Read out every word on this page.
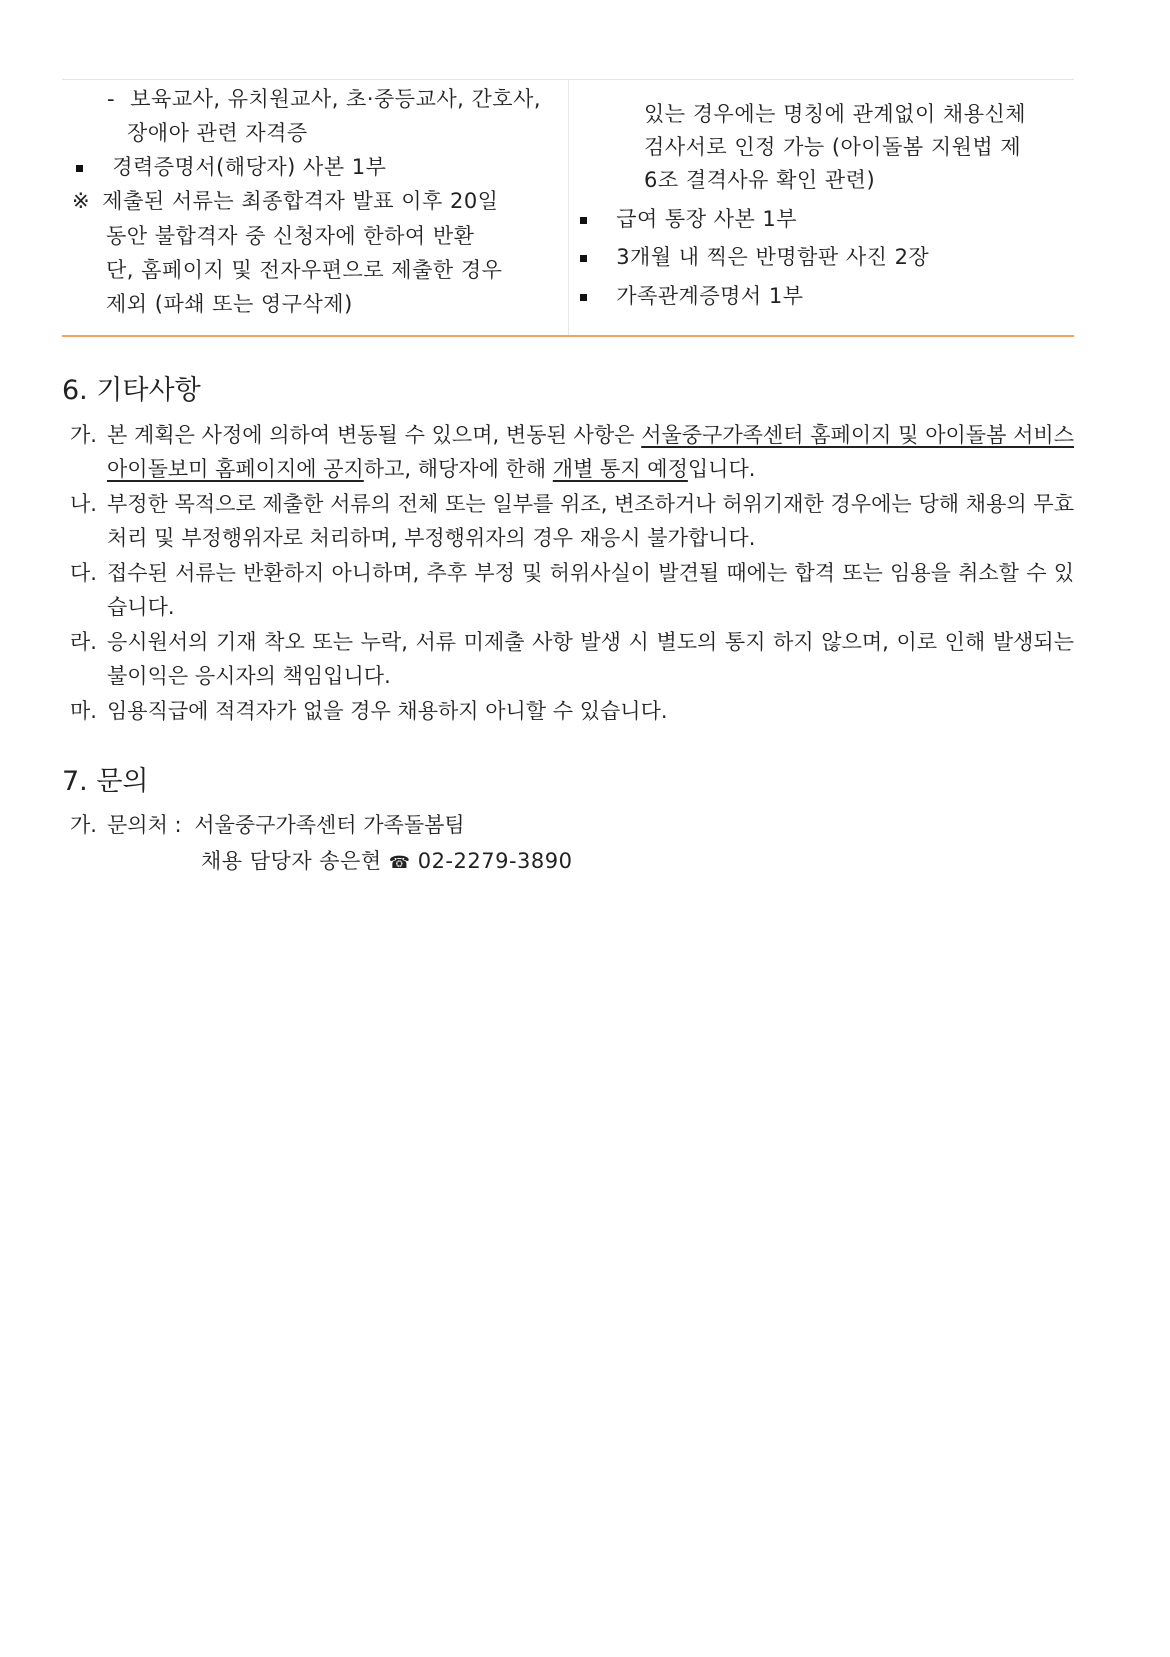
- 보육교사, 유치원교사, 초·중등교사, 간호사,
장애아 관련 자격증
경력증명서(해당자) 사본 1부
※ 제출된 서류는 최종합격자 발표 이후 20일
동안 불합격자 중 신청자에 한하여 반환
단, 홈페이지 및 전자우편으로 제출한 경우
제외 (파쇄 또는 영구삭제)
있는 경우에는 명칭에 관계없이 채용신체
검사서로 인정 가능 (아이돌봄 지원법 제
6조 결격사유 확인 관련)
급여 통장 사본 1부
3개월 내 찍은 반명함판 사진 2장
가족관계증명서 1부
6. 기타사항
가. 본 계획은 사정에 의하여 변동될 수 있으며, 변동된 사항은 서울중구가족센터 홈페이지 및 아이돌봄 서비스 아이돌보미 홈페이지에 공지하고, 해당자에 한해 개별 통지 예정입니다.
나. 부정한 목적으로 제출한 서류의 전체 또는 일부를 위조, 변조하거나 허위기재한 경우에는 당해 채용의 무효처리 및 부정행위자로 처리하며, 부정행위자의 경우 재응시 불가합니다.
다. 접수된 서류는 반환하지 아니하며, 추후 부정 및 허위사실이 발견될 때에는 합격 또는 임용을 취소할 수 있습니다.
라. 응시원서의 기재 착오 또는 누락, 서류 미제출 사항 발생 시 별도의 통지 하지 않으며, 이로 인해 발생되는 불이익은 응시자의 책임입니다.
마. 임용직급에 적격자가 없을 경우 채용하지 아니할 수 있습니다.
7. 문의
가. 문의처 : 서울중구가족센터 가족돌봄팀
채용 담당자 송은현 ☎ 02-2279-3890
